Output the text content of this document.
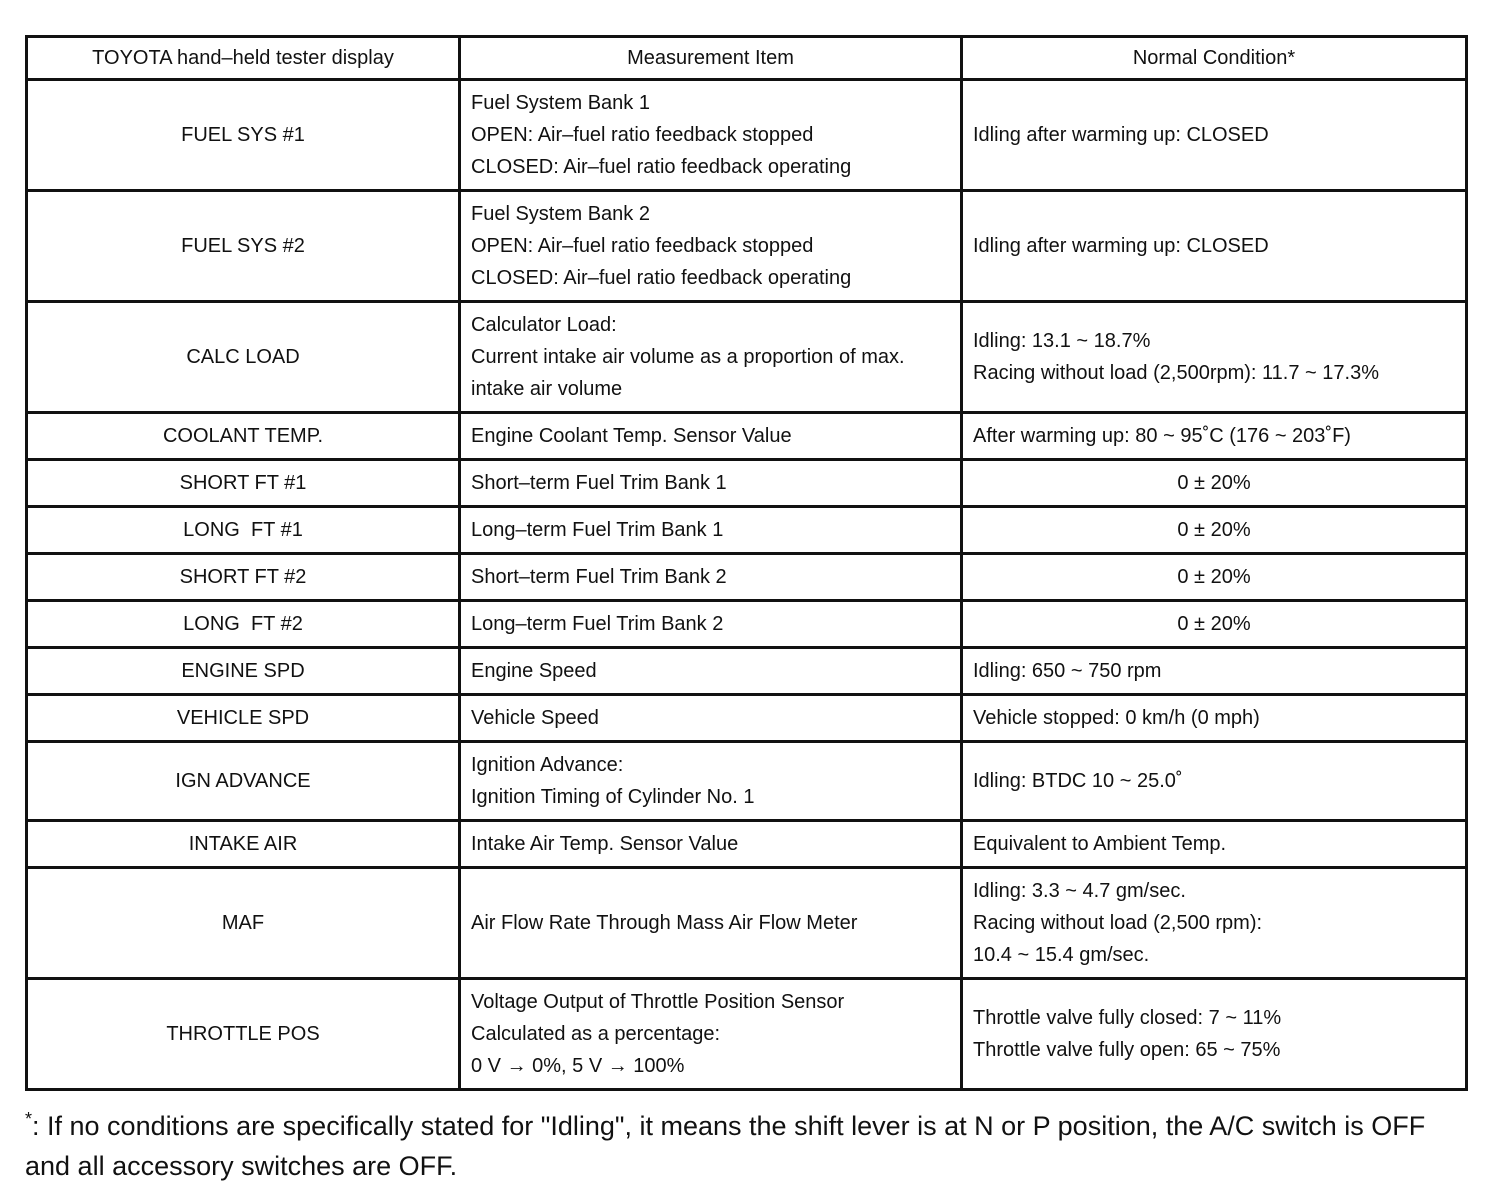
TOYOTA hand–held tester display	Measurement Item	Normal Condition*
FUEL SYS #1	Fuel System Bank 1
OPEN: Air–fuel ratio feedback stopped
CLOSED: Air–fuel ratio feedback operating	Idling after warming up: CLOSED

FUEL SYS #2	Fuel System Bank 2
OPEN: Air–fuel ratio feedback stopped
CLOSED: Air–fuel ratio feedback operating	Idling after warming up: CLOSED

CALC LOAD	Calculator Load:
Current intake air volume as a proportion of max.
intake air volume	Idling: 13.1 ~ 18.7%
Racing without load (2,500rpm): 11.7 ~ 17.3%

COOLANT TEMP.	Engine Coolant Temp. Sensor Value	After warming up: 80 ~ 95˚C (176 ~ 203˚F)

SHORT FT #1	Short–term Fuel Trim Bank 1	0 ± 20%

LONG  FT #1	Long–term Fuel Trim Bank 1	0 ± 20%

SHORT FT #2	Short–term Fuel Trim Bank 2	0 ± 20%

LONG  FT #2	Long–term Fuel Trim Bank 2	0 ± 20%

ENGINE SPD	Engine Speed	Idling: 650 ~ 750 rpm

VEHICLE SPD	Vehicle Speed	Vehicle stopped: 0 km/h (0 mph)

IGN ADVANCE	Ignition Advance:
Ignition Timing of Cylinder No. 1	Idling: BTDC 10 ~ 25.0˚

INTAKE AIR	Intake Air Temp. Sensor Value	Equivalent to Ambient Temp.

MAF	Air Flow Rate Through Mass Air Flow Meter	Idling: 3.3 ~ 4.7 gm/sec.
Racing without load (2,500 rpm):
10.4 ~ 15.4 gm/sec.

THROTTLE POS	Voltage Output of Throttle Position Sensor
Calculated as a percentage:
0 V → 0%, 5 V → 100%	Throttle valve fully closed: 7 ~ 11%
Throttle valve fully open: 65 ~ 75%
*: If no conditions are specifically stated for "Idling", it means the shift lever is at N or P position, the A/C switch is OFF and all accessory switches are OFF.
